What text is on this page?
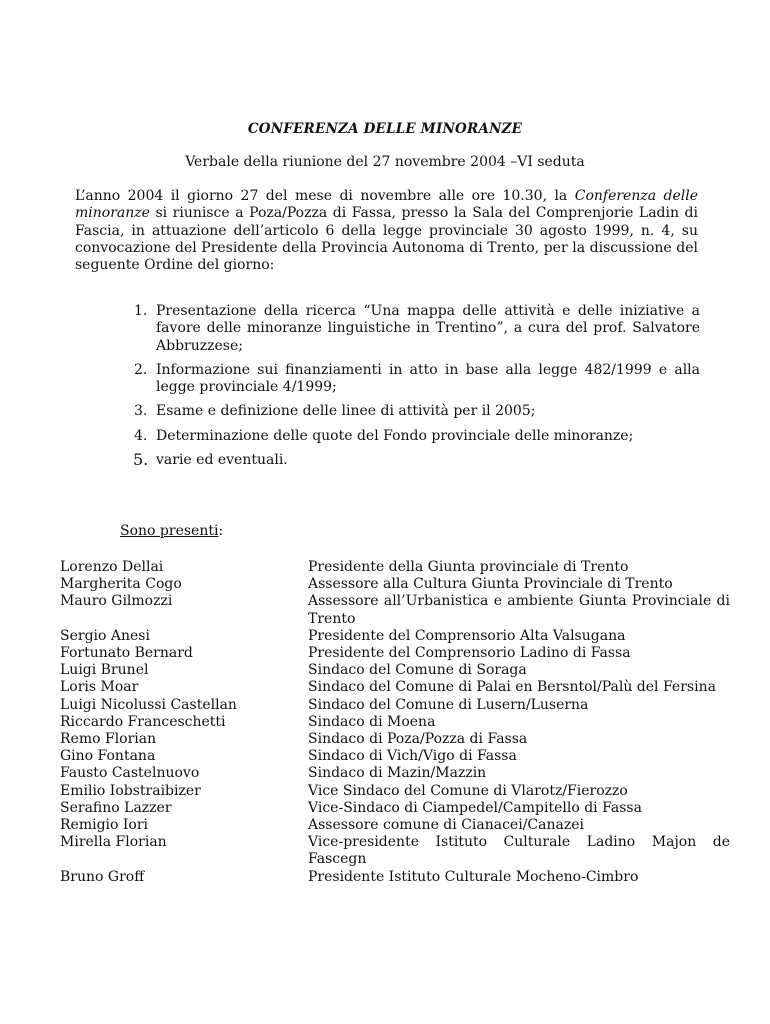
CONFERENZA DELLE MINORANZE
Verbale della riunione del 27 novembre 2004 –VI seduta
L’anno 2004 il giorno 27 del mese di novembre alle ore 10.30, la Conferenza delle minoranze si riunisce a Poza/Pozza di Fassa, presso la Sala del Comprenjorie Ladin di Fascia, in attuazione dell’articolo 6 della legge provinciale 30 agosto 1999, n. 4, su convocazione del Presidente della Provincia Autonoma di Trento, per la discussione del seguente Ordine del giorno:
1. Presentazione della ricerca “Una mappa delle attività e delle iniziative a favore delle minoranze linguistiche in Trentino”, a cura del prof. Salvatore Abbruzzese;
2. Informazione sui finanziamenti in atto in base alla legge 482/1999 e alla legge provinciale 4/1999;
3. Esame e definizione delle linee di attività per il 2005;
4. Determinazione delle quote del Fondo provinciale delle minoranze;
5. varie ed eventuali.
Sono presenti:
Lorenzo Dellai	Presidente della Giunta provinciale di Trento
Margherita Cogo	Assessore alla Cultura Giunta Provinciale di Trento
Mauro Gilmozzi	Assessore all’Urbanistica e ambiente Giunta Provinciale di Trento
Sergio Anesi	Presidente del Comprensorio Alta Valsugana
Fortunato Bernard	Presidente del Comprensorio Ladino di Fassa
Luigi Brunel	Sindaco del Comune di Soraga
Loris Moar	Sindaco del Comune di Palai en Bersntol/Palù del Fersina
Luigi Nicolussi Castellan	Sindaco del Comune di Lusern/Luserna
Riccardo Franceschetti	Sindaco di Moena
Remo Florian	Sindaco di Poza/Pozza di Fassa
Gino Fontana	Sindaco di Vich/Vigo di Fassa
Fausto Castelnuovo	Sindaco di Mazin/Mazzin
Emilio Iobstraibizer	Vice Sindaco del Comune di Vlarotz/Fierozzo
Serafino Lazzer	Vice-Sindaco di Ciampedel/Campitello di Fassa
Remigio Iori	Assessore comune di Cianacei/Canazei
Mirella Florian	Vice-presidente Istituto Culturale Ladino Majon de Fascegn
Bruno Groff	Presidente Istituto Culturale Mocheno-Cimbro
